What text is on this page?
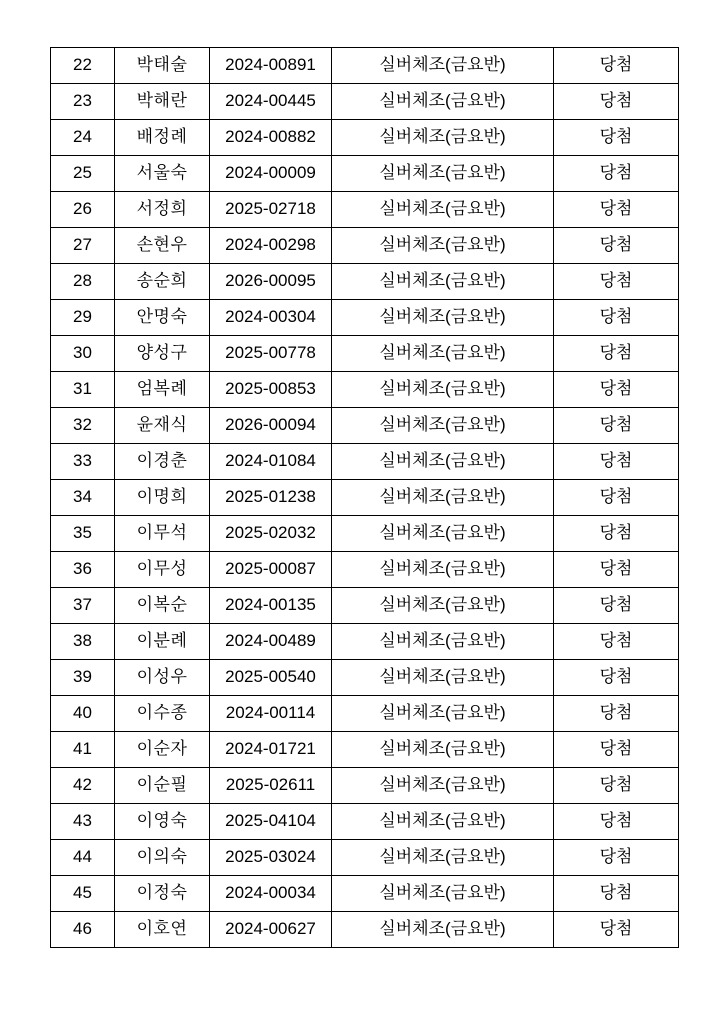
22	박태술	2024-00891	실버체조(금요반)	당첨
23	박해란	2024-00445	실버체조(금요반)	당첨
24	배정례	2024-00882	실버체조(금요반)	당첨
25	서울숙	2024-00009	실버체조(금요반)	당첨
26	서정희	2025-02718	실버체조(금요반)	당첨
27	손현우	2024-00298	실버체조(금요반)	당첨
28	송순희	2026-00095	실버체조(금요반)	당첨
29	안명숙	2024-00304	실버체조(금요반)	당첨
30	양성구	2025-00778	실버체조(금요반)	당첨
31	엄복례	2025-00853	실버체조(금요반)	당첨
32	윤재식	2026-00094	실버체조(금요반)	당첨
33	이경춘	2024-01084	실버체조(금요반)	당첨
34	이명희	2025-01238	실버체조(금요반)	당첨
35	이무석	2025-02032	실버체조(금요반)	당첨
36	이무성	2025-00087	실버체조(금요반)	당첨
37	이복순	2024-00135	실버체조(금요반)	당첨
38	이분례	2024-00489	실버체조(금요반)	당첨
39	이성우	2025-00540	실버체조(금요반)	당첨
40	이수종	2024-00114	실버체조(금요반)	당첨
41	이순자	2024-01721	실버체조(금요반)	당첨
42	이순필	2025-02611	실버체조(금요반)	당첨
43	이영숙	2025-04104	실버체조(금요반)	당첨
44	이의숙	2025-03024	실버체조(금요반)	당첨
45	이정숙	2024-00034	실버체조(금요반)	당첨
46	이호연	2024-00627	실버체조(금요반)	당첨
